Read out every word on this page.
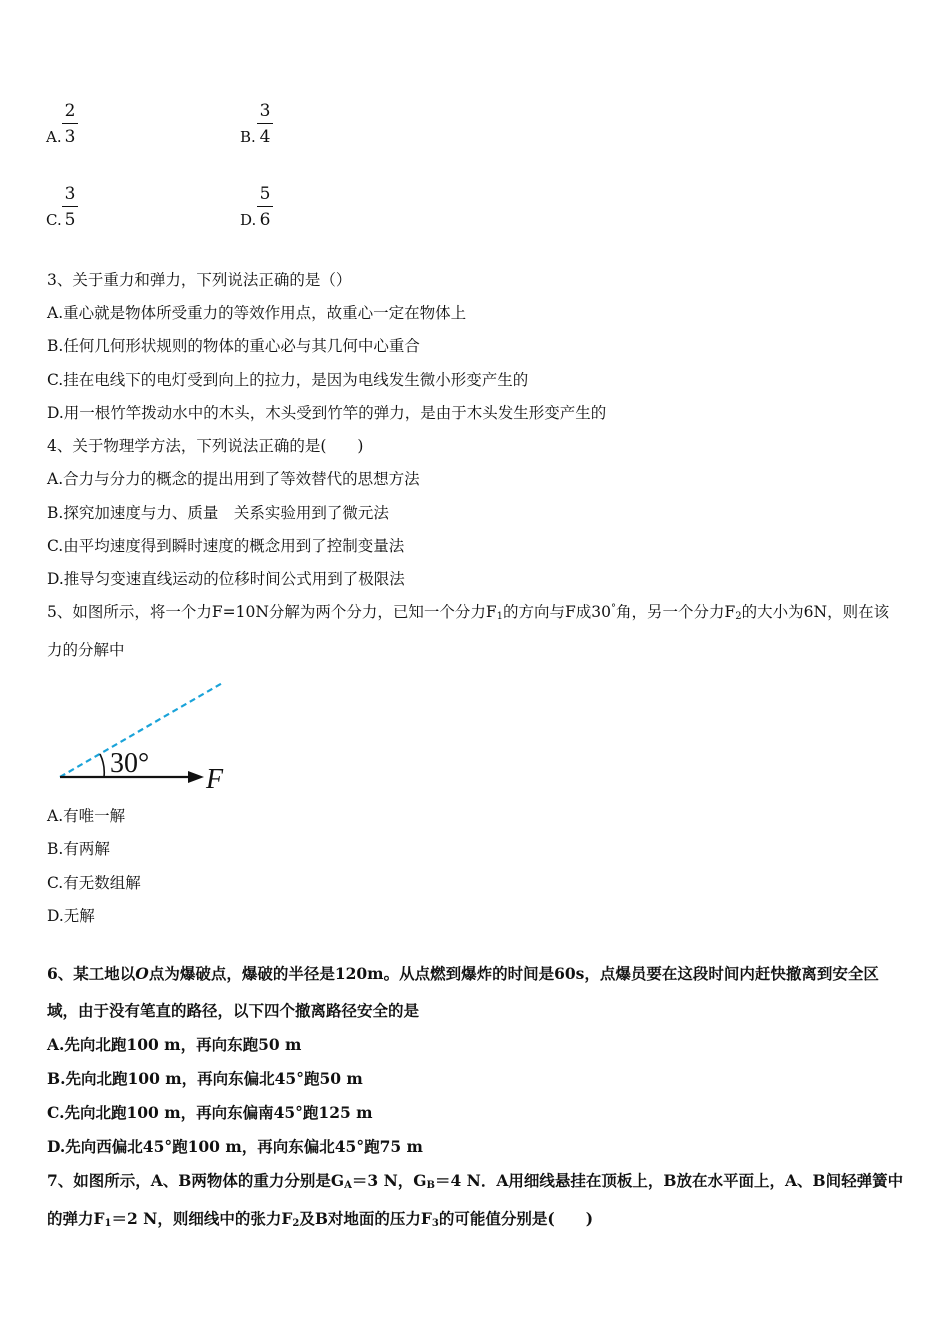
A.
2
3	B.
3
4
C.
3
5	D.
5
6
3、关于重力和弹力，下列说法正确的是（）
A.重心就是物体所受重力的等效作用点，故重心一定在物体上
B.任何几何形状规则的物体的重心必与其几何中心重合
C.挂在电线下的电灯受到向上的拉力，是因为电线发生微小形变产生的
D.用一根竹竿拨动水中的木头，木头受到竹竿的弹力，是由于木头发生形变产生的
4、关于物理学方法，下列说法正确的是(　　)
A.合力与分力的概念的提出用到了等效替代的思想方法
B.探究加速度与力、质量　关系实验用到了微元法
C.由平均速度得到瞬时速度的概念用到了控制变量法
D.推导匀变速直线运动的位移时间公式用到了极限法
5、如图所示，将一个力F=10N分解为两个分力，已知一个分力$F_1$的方向与F成30°角，另一个分力$F_2$的大小为6N，则在该
力的分解中
30°
F
A.有唯一解
B.有两解
C.有无数组解
D.无解
6、某工地以O点为爆破点，爆破的半径是120m。从点燃到爆炸的时间是60s，点爆员要在这段时间内赶快撤离到安全区
域，由于没有笔直的路径，以下四个撤离路径安全的是
A.先向北跑100 m，再向东跑50 m
B.先向北跑100 m，再向东偏北45°跑50 m
C.先向北跑100 m，再向东偏南45°跑125 m
D.先向西偏北45°跑100 m，再向东偏北45°跑75 m
7、如图所示，A、B两物体的重力分别是$G_A=3$ N，$G_B=4$ N．A用细线悬挂在顶板上，B放在水平面上，A、B间轻弹簧中
的弹力$F_1=2$ N，则细线中的张力$F_2$及B对地面的压力$F_3$的可能值分别是(　　)
